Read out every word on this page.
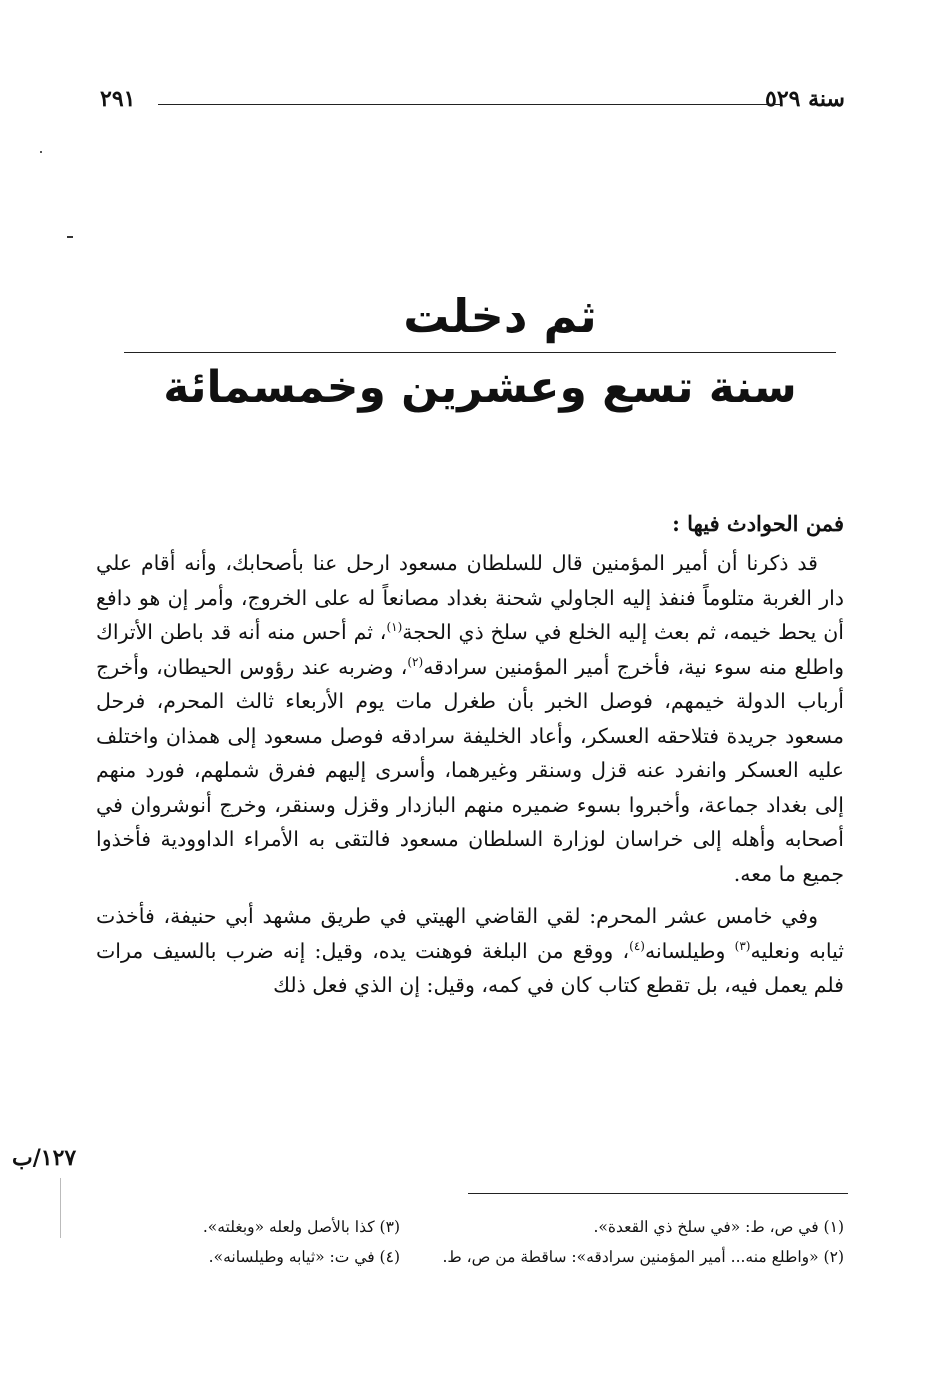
سنة ٥٢٩
٢٩١
ثم دخلت
سنة تسع وعشرين وخمسمائة
فمن الحوادث فيها :

قد ذكرنا أن أمير المؤمنين قال للسلطان مسعود ارحل عنا بأصحابك، وأنه أقام علي دار الغربة متلوماً فنفذ إليه الجاولي شحنة بغداد مصانعاً له على الخروج، وأمر إن هو دافع أن يحط خيمه، ثم بعث إليه الخلع في سلخ ذي الحجة$^{(١)}$، ثم أحس منه أنه قد باطن الأتراك واطلع منه سوء نية، فأخرج أمير المؤمنين سرادقه$^{(٢)}$، وضربه عند رؤوس الحيطان، وأخرج أرباب الدولة خيمهم، فوصل الخبر بأن طغرل مات يوم الأربعاء ثالث المحرم، فرحل مسعود جريدة فتلاحقه العسكر، وأعاد الخليفة سرادقه فوصل مسعود إلى همذان واختلف عليه العسكر وانفرد عنه قزل وسنقر وغيرهما، وأسرى إليهم ففرق شملهم، فورد منهم إلى بغداد جماعة، وأخبروا بسوء ضميره منهم البازدار وقزل وسنقر، وخرج أنوشروان في أصحابه وأهله إلى خراسان لوزارة السلطان مسعود فالتقى به الأمراء الداوودية فأخذوا جميع ما معه.

وفي خامس عشر المحرم: لقي القاضي الهيتي في طريق مشهد أبي حنيفة، فأخذت ثيابه ونعليه$^{(٣)}$ وطيلسانه$^{(٤)}$، ووقع من البلغة فوهنت يده، وقيل: إنه ضرب بالسيف مرات فلم يعمل فيه، بل تقطع كتاب كان في كمه، وقيل: إن الذي فعل ذلك

١٢٧/ب
(١) في ص، ط: «في سلخ ذي القعدة».
(٣) كذا بالأصل ولعله «وبغلته».
(٢) «واطلع منه... أمير المؤمنين سرادقه»: ساقطة من ص، ط.
(٤) في ت: «ثيابه وطيلسانه».
